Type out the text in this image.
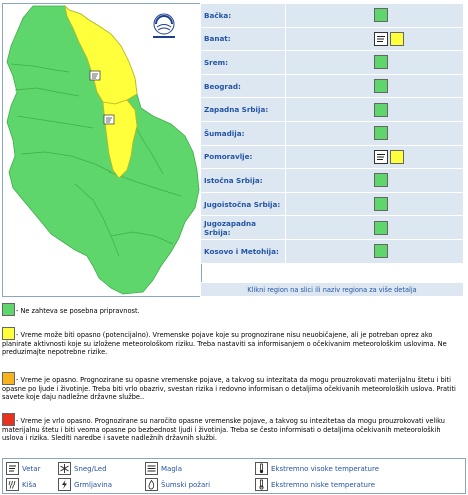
Bačka:	

Banat:	

Srem:	

Beograd:	

Zapadna Srbija:	

Šumadija:	

Pomoravlje:	

Istočna Srbija:	

Jugoistočna Srbija:	

Jugozapadna Srbija:	

Kosovo i Metohija:	
Klikni region na slici ili naziv regiona za više detalja
- Ne zahteva se posebna pripravnost.
- Vreme može biti opasno (potencijalno). Vremenske pojave koje su prognozirane nisu neuobičajene, ali je potreban oprez ako planirate aktivnosti koje su izložene meteorološkom riziku. Treba nastaviti sa informisanjem o očekivanim meteorološkim uslovima. Ne preduzimajte nepotrebne rizike.
- Vreme je opasno. Prognozirane su opasne vremenske pojave, a takvog su intezitata da mogu prouzrokovati materijalnu štetu i biti opasne po ljude i životinje. Treba biti vrlo obazriv, svestan rizika i redovno informisan o detaljima očekivanih meteoroloških uslova. Pratiti savete koje daju nadležne državne službe..
- Vreme je vrlo opasno. Prognozirane su naročito opasne vremenske pojave, a takvog su intezitetaa da mogu prouzrokovati veliku materijalnu štetu i biti veoma opasne po bezbednost ljudi i životinja. Treba se često informisati o detaljima očekivanih meteoroloških uslova i rizika. Slediti naredbe i savete nadležnih državnih službi.
Vetar	Sneg/Led	Magla	Ekstremno visoke temperature
Kiša	Grmljavina	Šumski požari	Ekstremno niske temperature
